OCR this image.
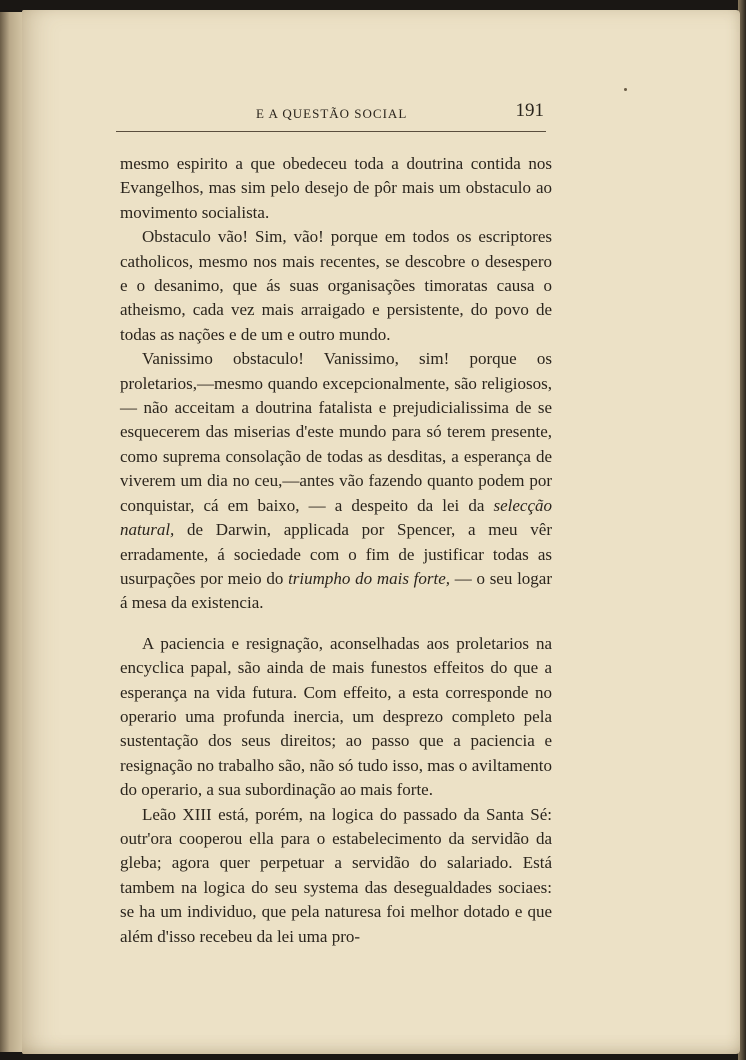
E A QUESTÃO SOCIAL	191

mesmo espirito a que obedeceu toda a doutrina contida nos Evangelhos, mas sim pelo desejo de pôr mais um obstaculo ao movimento socialista.

Obstaculo vão! Sim, vão! porque em todos os escriptores catholicos, mesmo nos mais recentes, se descobre o desespero e o desanimo, que ás suas organisações timoratas causa o atheismo, cada vez mais arraigado e persistente, do povo de todas as nações e de um e outro mundo.

Vanissimo obstaculo! Vanissimo, sim! porque os proletarios,—mesmo quando excepcionalmente, são religiosos,— não acceitam a doutrina fatalista e prejudicialissima de se esquecerem das miserias d'este mundo para só terem presente, como suprema consolação de todas as desditas, a esperança de viverem um dia no ceu,—antes vão fazendo quanto podem por conquistar, cá em baixo, — a despeito da lei da selecção natural, de Darwin, applicada por Spencer, a meu vêr erradamente, á sociedade com o fim de justificar todas as usurpações por meio do triumpho do mais forte, — o seu logar á mesa da existencia.

A paciencia e resignação, aconselhadas aos proletarios na encyclica papal, são ainda de mais funestos effeitos do que a esperança na vida futura. Com effeito, a esta corresponde no operario uma profunda inercia, um desprezo completo pela sustentação dos seus direitos; ao passo que a paciencia e resignação no trabalho são, não só tudo isso, mas o aviltamento do operario, a sua subordinação ao mais forte.

Leão XIII está, porém, na logica do passado da Santa Sé: outr'ora cooperou ella para o estabelecimento da servidão da gleba; agora quer perpetuar a servidão do salariado. Está tambem na logica do seu systema das desegualdades sociaes: se ha um individuo, que pela naturesa foi melhor dotado e que além d'isso recebeu da lei uma pro-
